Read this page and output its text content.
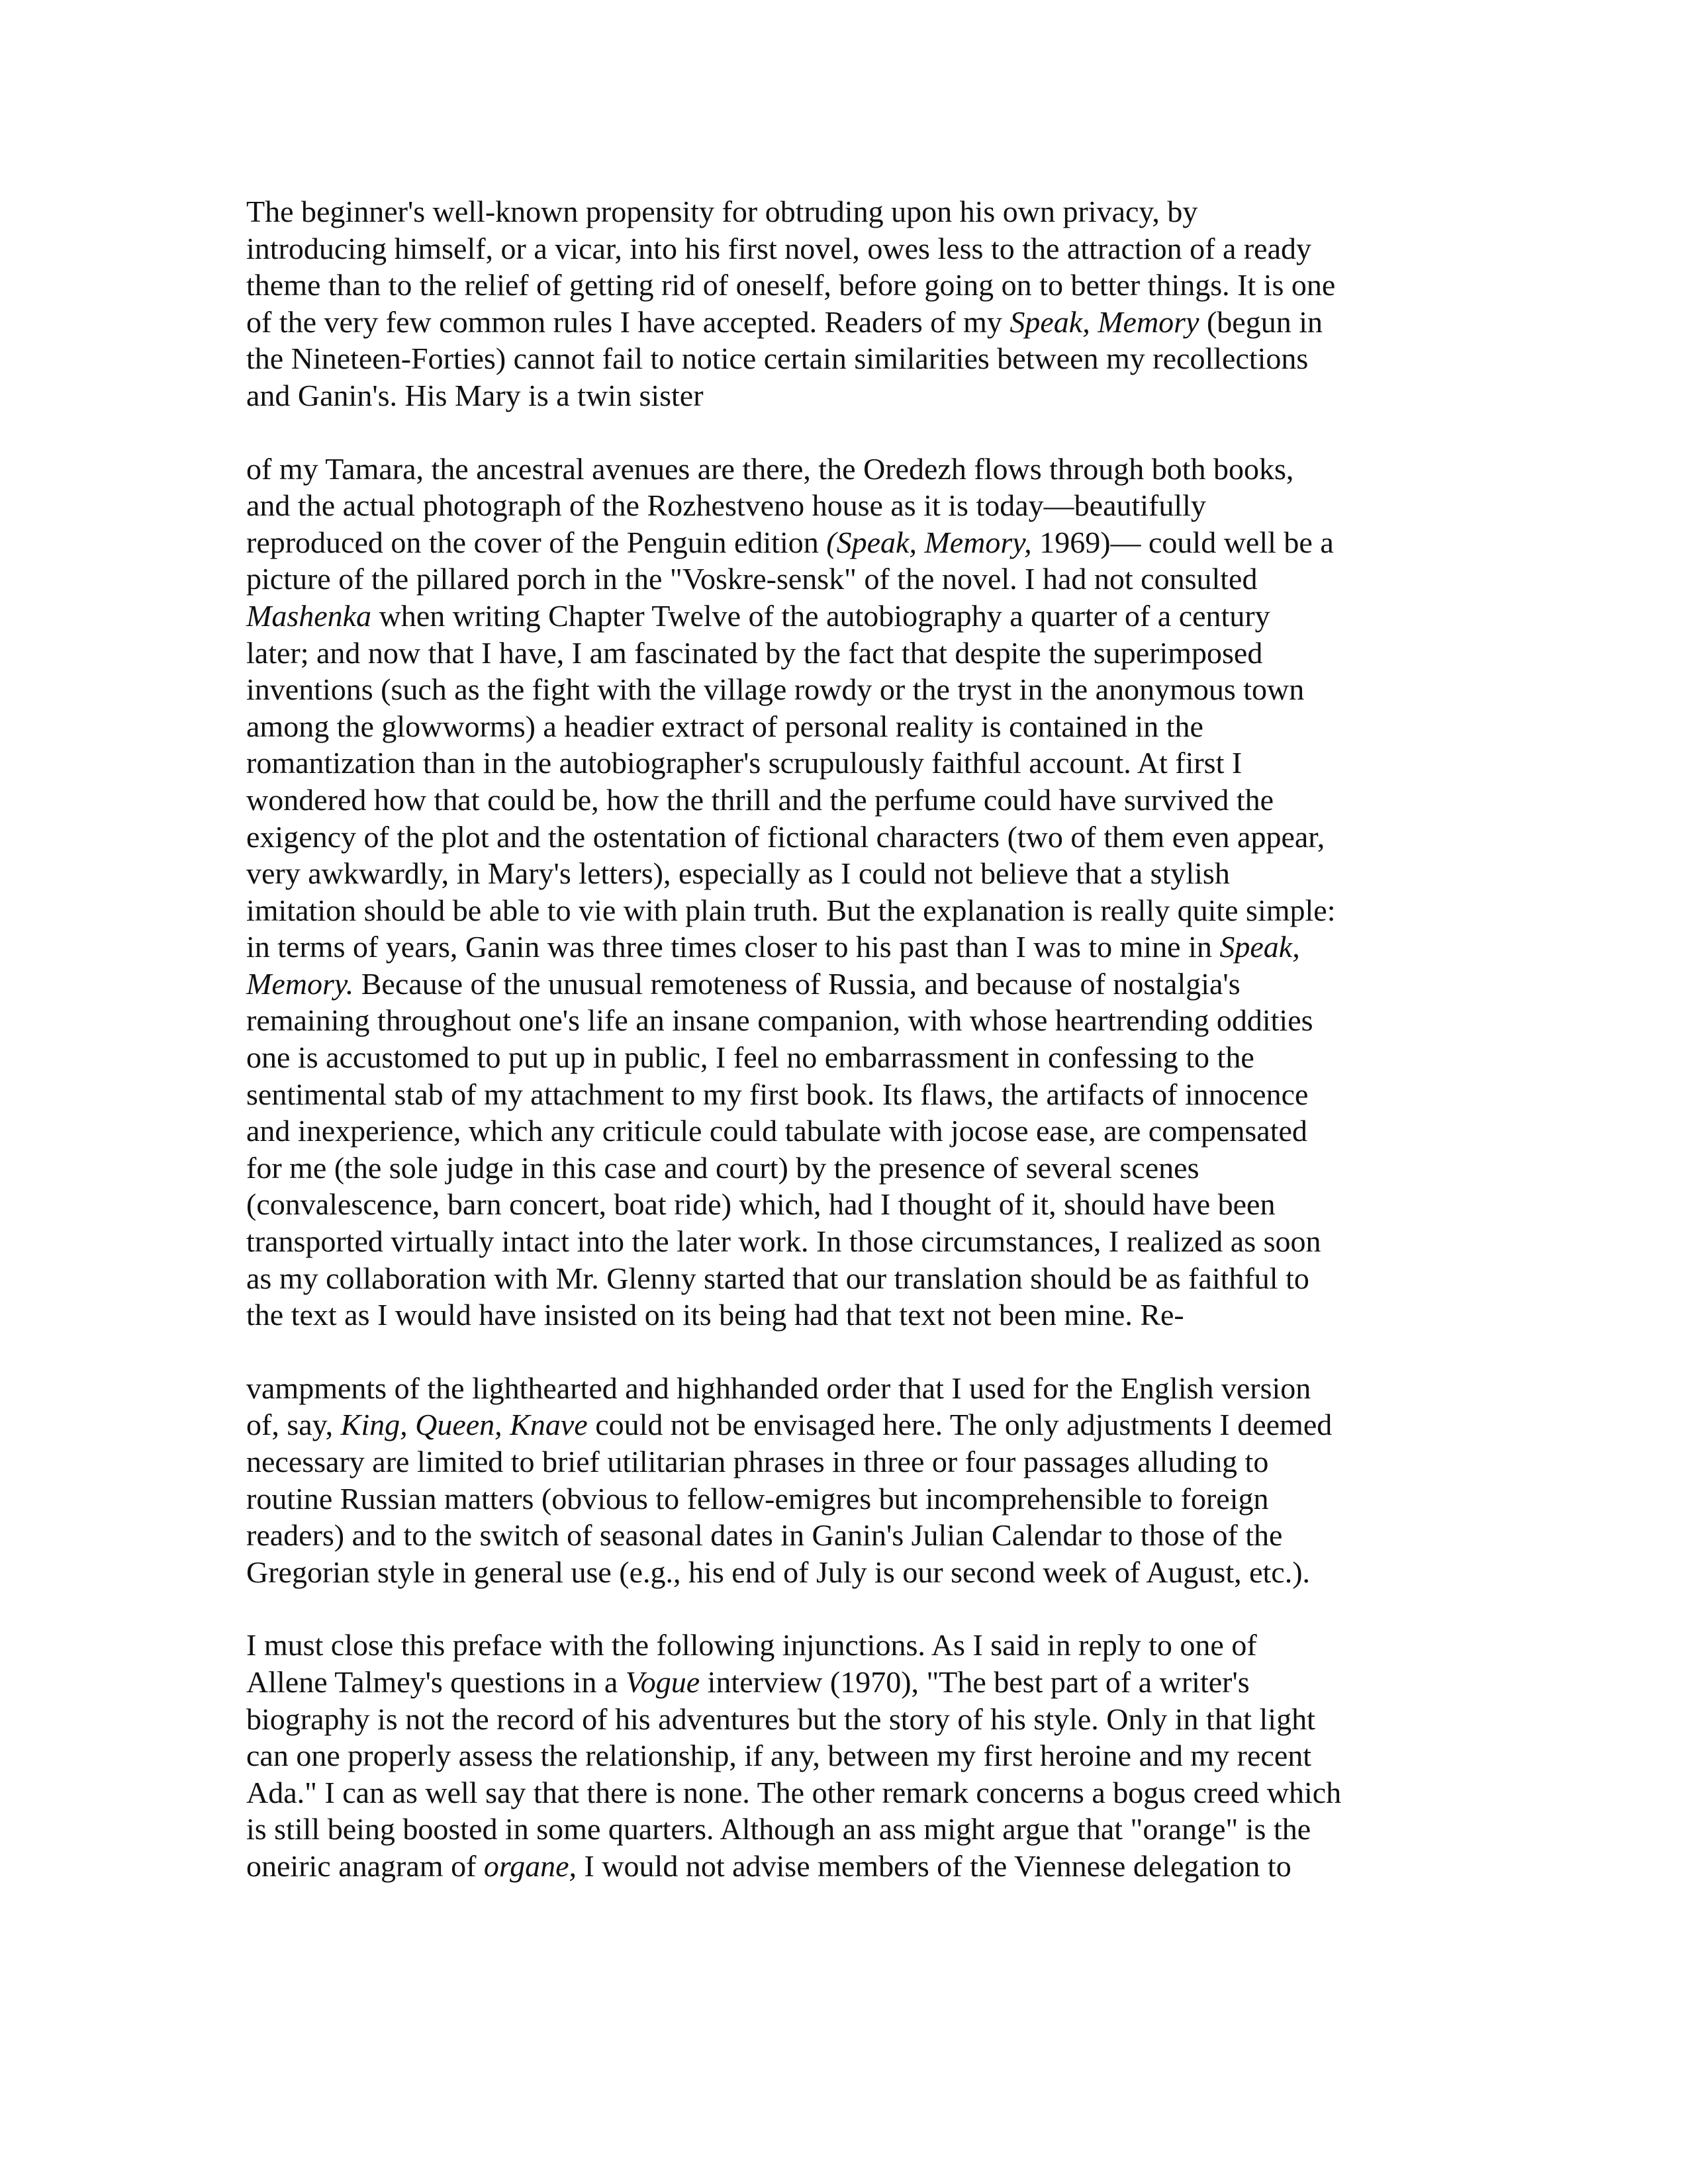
The beginner's well-known propensity for obtruding upon his own privacy, by
introducing himself, or a vicar, into his first novel, owes less to the attraction of a ready
theme than to the relief of getting rid of oneself, before going on to better things. It is one
of the very few common rules I have accepted. Readers of my Speak, Memory (begun in
the Nineteen-Forties) cannot fail to notice certain similarities between my recollections
and Ganin's. His Mary is a twin sister
of my Tamara, the ancestral avenues are there, the Oredezh flows through both books,
and the actual photograph of the Rozhestveno house as it is today—beautifully
reproduced on the cover of the Penguin edition (Speak, Memory, 1969)— could well be a
picture of the pillared porch in the "Voskre-sensk" of the novel. I had not consulted
Mashenka when writing Chapter Twelve of the autobiography a quarter of a century
later; and now that I have, I am fascinated by the fact that despite the superimposed
inventions (such as the fight with the village rowdy or the tryst in the anonymous town
among the glowworms) a headier extract of personal reality is contained in the
romantization than in the autobiographer's scrupulously faithful account. At first I
wondered how that could be, how the thrill and the perfume could have survived the
exigency of the plot and the ostentation of fictional characters (two of them even appear,
very awkwardly, in Mary's letters), especially as I could not believe that a stylish
imitation should be able to vie with plain truth. But the explanation is really quite simple:
in terms of years, Ganin was three times closer to his past than I was to mine in Speak,
Memory. Because of the unusual remoteness of Russia, and because of nostalgia's
remaining throughout one's life an insane companion, with whose heartrending oddities
one is accustomed to put up in public, I feel no embarrassment in confessing to the
sentimental stab of my attachment to my first book. Its flaws, the artifacts of innocence
and inexperience, which any criticule could tabulate with jocose ease, are compensated
for me (the sole judge in this case and court) by the presence of several scenes
(convalescence, barn concert, boat ride) which, had I thought of it, should have been
transported virtually intact into the later work. In those circumstances, I realized as soon
as my collaboration with Mr. Glenny started that our translation should be as faithful to
the text as I would have insisted on its being had that text not been mine. Re-
vampments of the lighthearted and highhanded order that I used for the English version
of, say, King, Queen, Knave could not be envisaged here. The only adjustments I deemed
necessary are limited to brief utilitarian phrases in three or four passages alluding to
routine Russian matters (obvious to fellow-emigres but incomprehensible to foreign
readers) and to the switch of seasonal dates in Ganin's Julian Calendar to those of the
Gregorian style in general use (e.g., his end of July is our second week of August, etc.).
I must close this preface with the following injunctions. As I said in reply to one of
Allene Talmey's questions in a Vogue interview (1970), "The best part of a writer's
biography is not the record of his adventures but the story of his style. Only in that light
can one properly assess the relationship, if any, between my first heroine and my recent
Ada." I can as well say that there is none. The other remark concerns a bogus creed which
is still being boosted in some quarters. Although an ass might argue that "orange" is the
oneiric anagram of organe, I would not advise members of the Viennese delegation to
